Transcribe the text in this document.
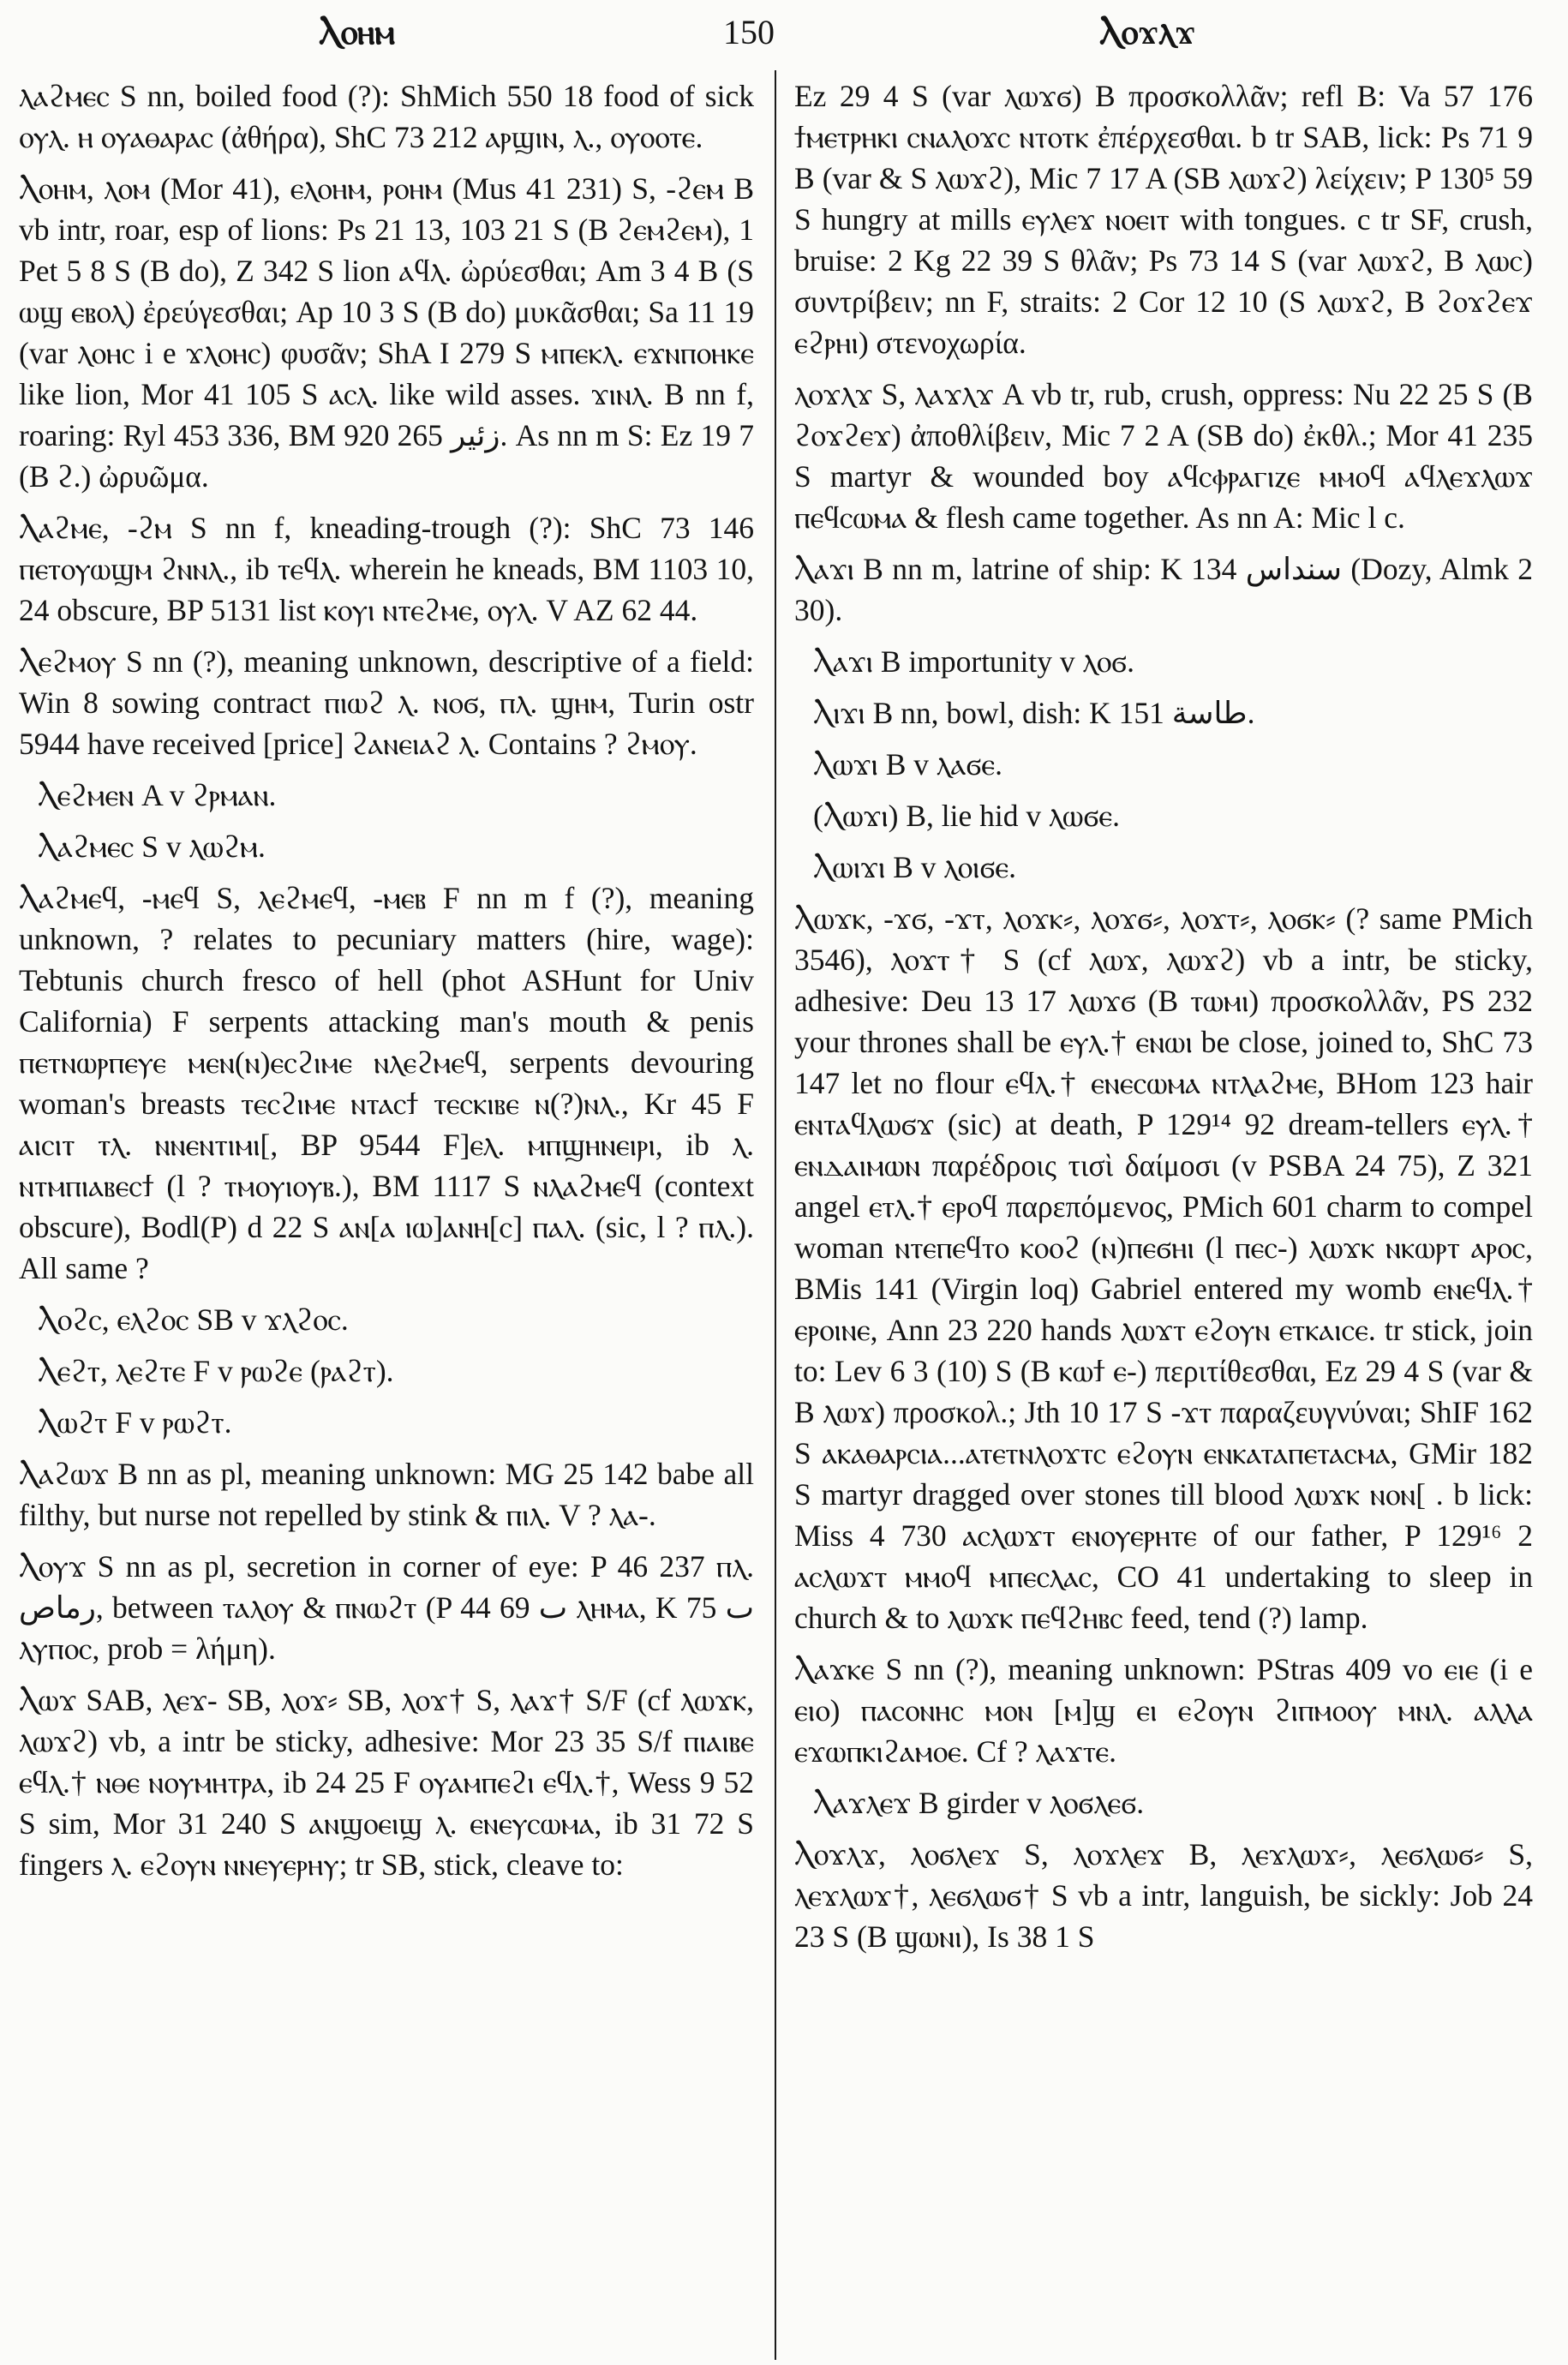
Ⲗⲟⲏⲙ	150	Ⲗⲟϫⲗϫ

ⲗⲁϩⲙⲉⲥ S nn, boiled food (?): ShMich 550 18 food of sick ⲟⲩⲗ. ⲏ ⲟⲩⲁⲑⲁⲣⲁⲥ (ἀθήρα), ShC 73 212 ⲁⲣϣⲓⲛ, ⲗ., ⲟⲩⲟⲟⲧⲉ.

Ⲗⲟⲏⲙ, ⲗⲟⲙ (Mor 41), ⲉⲗⲟⲏⲙ, ⲣⲟⲏⲙ (Mus 41 231) S, -ϩⲉⲙ B vb intr, roar, esp of lions: Ps 21 13, 103 21 S (B ϩⲉⲙϩⲉⲙ), 1 Pet 5 8 S (B do), Z 342 S lion ⲁϥⲗ. ὠρύεσθαι; Am 3 4 B (S ⲱϣ ⲉⲃⲟⲗ) ἐρεύγεσθαι; Ap 10 3 S (B do) μυκᾶσθαι; Sa 11 19 (var ⲗⲟⲏⲥ i e ϫⲗⲟⲏⲥ) φυσᾶν; ShA I 279 S ⲙⲡⲉⲕⲗ. ⲉϫⲛⲡⲟⲏⲕⲉ like lion, Mor 41 105 S ⲁⲥⲗ. like wild asses. ϫⲓⲛⲗ. B nn f, roaring: Ryl 453 336, BM 920 265 زئير. As nn m S: Ez 19 7 (B ϩ.) ὠρυῶμα.

Ⲗⲁϩⲙⲉ, -ϩⲙ S nn f, kneading-trough (?): ShC 73 146 ⲡⲉⲧⲟⲩⲱϣⲙ ϩⲛⲛⲗ., ib ⲧⲉϥⲗ. wherein he kneads, BM 1103 10, 24 obscure, BP 5131 list ⲕⲟⲩⲓ ⲛⲧⲉϩⲙⲉ, ⲟⲩⲗ. V AZ 62 44.

Ⲗⲉϩⲙⲟⲩ S nn (?), meaning unknown, descriptive of a field: Win 8 sowing contract ⲡⲓⲱϩ ⲗ. ⲛⲟϭ, ⲡⲗ. ϣⲏⲙ, Turin ostr 5944 have received [price] ϩⲁⲛⲉⲓⲁϩ ⲗ. Contains ? ϩⲙⲟⲩ.

Ⲗⲉϩⲙⲉⲛ A v ϩⲣⲙⲁⲛ.

Ⲗⲁϩⲙⲉⲥ S v ⲗⲱϩⲙ.

Ⲗⲁϩⲙⲉϥ, -ⲙⲉϥ S, ⲗⲉϩⲙⲉϥ, -ⲙⲉⲃ F nn m f (?), meaning unknown, ? relates to pecuniary matters (hire, wage): Tebtunis church fresco of hell (phot ASHunt for Univ California) F serpents attacking man's mouth & penis ⲡⲉⲧⲛⲱⲣⲡⲉⲩⲉ ⲙⲉⲛ(ⲛ)ⲉⲥϩⲓⲙⲉ ⲛⲗⲉϩⲙⲉϥ, serpents devouring woman's breasts ⲧⲉⲥϩⲓⲙⲉ ⲛⲧⲁⲥϯ ⲧⲉⲥⲕⲓⲃⲉ ⲛ(?)ⲛⲗ., Kr 45 F ⲁⲓⲥⲓⲧ ⲧⲗ. ⲛⲛⲉⲛⲧⲓⲙⲓ[, BP 9544 F]ⲉⲗ. ⲙⲡϣⲏⲛⲉⲓⲣⲓ, ib ⲗ. ⲛⲧⲙⲡⲓⲁⲃⲉⲥϯ (l ? ⲧⲙⲟⲩⲓⲟⲩⲃ.), BM 1117 S ⲛⲗⲁϩⲙⲉϥ (context obscure), Bodl(P) d 22 S ⲁⲛ[ⲁ ⲓⲱ]ⲁⲛⲏ[ⲥ] ⲡⲁⲗ. (sic, l ? ⲡⲗ.). All same ?

Ⲗⲟϩⲥ, ⲉⲗϩⲟⲥ SB v ϫⲗϩⲟⲥ.

Ⲗⲉϩⲧ, ⲗⲉϩⲧⲉ F v ⲣⲱϩⲉ (ⲣⲁϩⲧ).

Ⲗⲱϩⲧ F v ⲣⲱϩⲧ.

Ⲗⲁϩⲱϫ B nn as pl, meaning unknown: MG 25 142 babe all filthy, but nurse not repelled by stink & ⲡⲓⲗ. V ? ⲗⲁ-.

Ⲗⲟⲩϫ S nn as pl, secretion in corner of eye: P 46 237 ⲡⲗ. رماص, between ⲧⲁⲗⲟⲩ & ⲡⲛⲱϩⲧ (P 44 69 ٮ ⲗⲏⲙⲁ, K 75 ٮ ⲗⲩⲡⲟⲥ, prob = λήμη).

Ⲗⲱϫ SAB, ⲗⲉϫ- SB, ⲗⲟϫ⸗ SB, ⲗⲟϫ† S, ⲗⲁϫ† S/F (cf ⲗⲱϫⲕ, ⲗⲱϫϩ) vb, a intr be sticky, adhesive: Mor 23 35 S/f ⲡⲓⲁⲓⲃⲉ ⲉϥⲗ.† ⲛⲑⲉ ⲛⲟⲩⲙⲏⲧⲣⲁ, ib 24 25 F ⲟⲩⲁⲙⲡⲉϩⲓ ⲉϥⲗ.†, Wess 9 52 S sim, Mor 31 240 S ⲁⲛϣⲟⲉⲓϣ ⲗ. ⲉⲛⲉⲩⲥⲱⲙⲁ, ib 31 72 S fingers ⲗ. ⲉϩⲟⲩⲛ ⲛⲛⲉⲩⲉⲣⲏⲩ; tr SB, stick, cleave to:

Ez 29 4 S (var ⲗⲱϫϭ) B προσκολλᾶν; refl B: Va 57 176 ϯⲙⲉⲧⲣⲏⲕⲓ ⲥⲛⲁⲗⲟϫⲥ ⲛⲧⲟⲧⲕ ἐπέρχεσθαι. b tr SAB, lick: Ps 71 9 B (var & S ⲗⲱϫϩ), Mic 7 17 A (SB ⲗⲱϫϩ) λείχειν; P 130⁵ 59 S hungry at mills ⲉⲩⲗⲉϫ ⲛⲟⲉⲓⲧ with tongues. c tr SF, crush, bruise: 2 Kg 22 39 S θλᾶν; Ps 73 14 S (var ⲗⲱϫϩ, B ⲗⲱⲥ) συντρίβειν; nn F, straits: 2 Cor 12 10 (S ⲗⲱϫϩ, B ϩⲟϫϩⲉϫ ⲉϩⲣⲏⲓ) στενοχωρία.

ⲗⲟϫⲗϫ S, ⲗⲁϫⲗϫ A vb tr, rub, crush, oppress: Nu 22 25 S (B ϩⲟϫϩⲉϫ) ἀποθλίβειν, Mic 7 2 A (SB do) ἐκθλ.; Mor 41 235 S martyr & wounded boy ⲁϥⲥⲫⲣⲁⲅⲓⲍⲉ ⲙⲙⲟϥ ⲁϥⲗⲉϫⲗⲱϫ ⲡⲉϥⲥⲱⲙⲁ & flesh came together. As nn A: Mic l c.

Ⲗⲁϫⲓ B nn m, latrine of ship: K 134 سنداس (Dozy, Almk 2 30).

Ⲗⲁϫⲓ B importunity v ⲗⲟϭ.

Ⲗⲓϫⲓ B nn, bowl, dish: K 151 طاسة.

Ⲗⲱϫⲓ B v ⲗⲁϭⲉ.

(Ⲗⲱϫⲓ) B, lie hid v ⲗⲱϭⲉ.

Ⲗⲱⲓϫⲓ B v ⲗⲟⲓϭⲉ.

Ⲗⲱϫⲕ, -ϫϭ, -ϫⲧ, ⲗⲟϫⲕ⸗, ⲗⲟϫϭ⸗, ⲗⲟϫⲧ⸗, ⲗⲟϭⲕ⸗ (? same PMich 3546), ⲗⲟϫⲧ† S (cf ⲗⲱϫ, ⲗⲱϫϩ) vb a intr, be sticky, adhesive: Deu 13 17 ⲗⲱϫϭ (B ⲧⲱⲙⲓ) προσκολλᾶν, PS 232 your thrones shall be ⲉⲩⲗ.† ⲉⲛⲱⲓ be close, joined to, ShC 73 147 let no flour ⲉϥⲗ.† ⲉⲛⲉⲥⲱⲙⲁ ⲛⲧⲗⲁϩⲙⲉ, BHom 123 hair ⲉⲛⲧⲁϥⲗⲱϭϫ (sic) at death, P 129¹⁴ 92 dream-tellers ⲉⲩⲗ.† ⲉⲛⲇⲁⲓⲙⲱⲛ παρέδροις τισὶ δαίμοσι (v PSBA 24 75), Z 321 angel ⲉⲧⲗ.† ⲉⲣⲟϥ παρεπόμενος, PMich 601 charm to compel woman ⲛⲧⲉⲡⲉϥⲧⲟ ⲕⲟⲟϩ (ⲛ)ⲡⲉϭⲏⲓ (l ⲡⲉⲥ-) ⲗⲱϫⲕ ⲛⲕⲱⲣⲧ ⲁⲣⲟⲥ, BMis 141 (Virgin loq) Gabriel entered my womb ⲉⲛⲉϥⲗ.† ⲉⲣⲟⲓⲛⲉ, Ann 23 220 hands ⲗⲱϫⲧ ⲉϩⲟⲩⲛ ⲉⲧⲕⲁⲓⲥⲉ. tr stick, join to: Lev 6 3 (10) S (B ⲕⲱϯ ⲉ-) περιτίθεσθαι, Ez 29 4 S (var & B ⲗⲱϫ) προσκολ.; Jth 10 17 S -ϫⲧ παραζευγνύναι; ShIF 162 S ⲁⲕⲁⲑⲁⲣⲥⲓⲁ...ⲁⲧⲉⲧⲛⲗⲟϫⲧⲥ ⲉϩⲟⲩⲛ ⲉⲛⲕⲁⲧⲁⲡⲉⲧⲁⲥⲙⲁ, GMir 182 S martyr dragged over stones till blood ⲗⲱϫⲕ ⲛⲟⲛ[ . b lick: Miss 4 730 ⲁⲥⲗⲱϫⲧ ⲉⲛⲟⲩⲉⲣⲏⲧⲉ of our father, P 129¹⁶ 2 ⲁⲥⲗⲱϫⲧ ⲙⲙⲟϥ ⲙⲡⲉⲥⲗⲁⲥ, CO 41 undertaking to sleep in church & to ⲗⲱϫⲕ ⲡⲉϥϩⲏⲃⲥ feed, tend (?) lamp.

Ⲗⲁϫⲕⲉ S nn (?), meaning unknown: PStras 409 vo ⲉⲓⲉ (i e ⲉⲓⲟ) ⲡⲁⲥⲟⲛⲏⲥ ⲙⲟⲛ [ⲙ]ϣ ⲉⲓ ⲉϩⲟⲩⲛ ϩⲓⲡⲙⲟⲟⲩ ⲙⲛⲗ. ⲁⲗⲗⲁ ⲉϫⲱⲡⲕⲓϩⲁⲙⲟⲉ. Cf ? ⲗⲁϫⲧⲉ.

Ⲗⲁϫⲗⲉϫ B girder v ⲗⲟϭⲗⲉϭ.

Ⲗⲟϫⲗϫ, ⲗⲟϭⲗⲉϫ S, ⲗⲟϫⲗⲉϫ B, ⲗⲉϫⲗⲱϫ⸗, ⲗⲉϭⲗⲱϭ⸗ S, ⲗⲉϫⲗⲱϫ†, ⲗⲉϭⲗⲱϭ† S vb a intr, languish, be sickly: Job 24 23 S (B ϣⲱⲛⲓ), Is 38 1 S
